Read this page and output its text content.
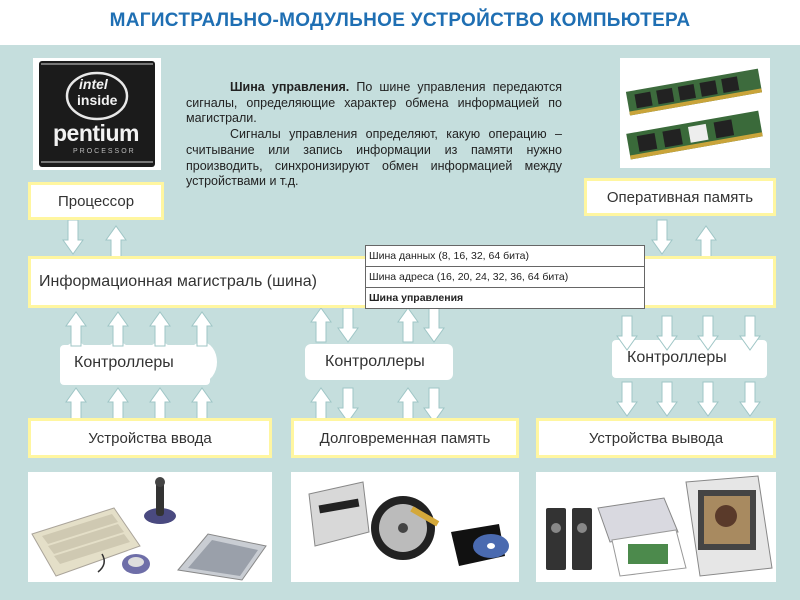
МАГИСТРАЛЬНО-МОДУЛЬНОЕ УСТРОЙСТВО КОМПЬЮТЕРА
intel
inside
pentium
PROCESSOR

Шина управления. По шине управления передаются сигналы, определяющие характер обмена информацией по магистрали.

Сигналы управления определяют, какую операцию – считывание или запись информации из памяти нужно производить, синхронизируют обмен информацией между устройствами и т.д.

Процессор	Оперативная память
Информационная магистраль (шина)
Шина данных (8, 16, 32, 64 бита)
Шина адреса (16, 20, 24, 32, 36, 64 бита)
Шина управления
Контроллеры	Контроллеры	Контроллеры
Устройства ввода	Долговременная память	Устройства вывода
